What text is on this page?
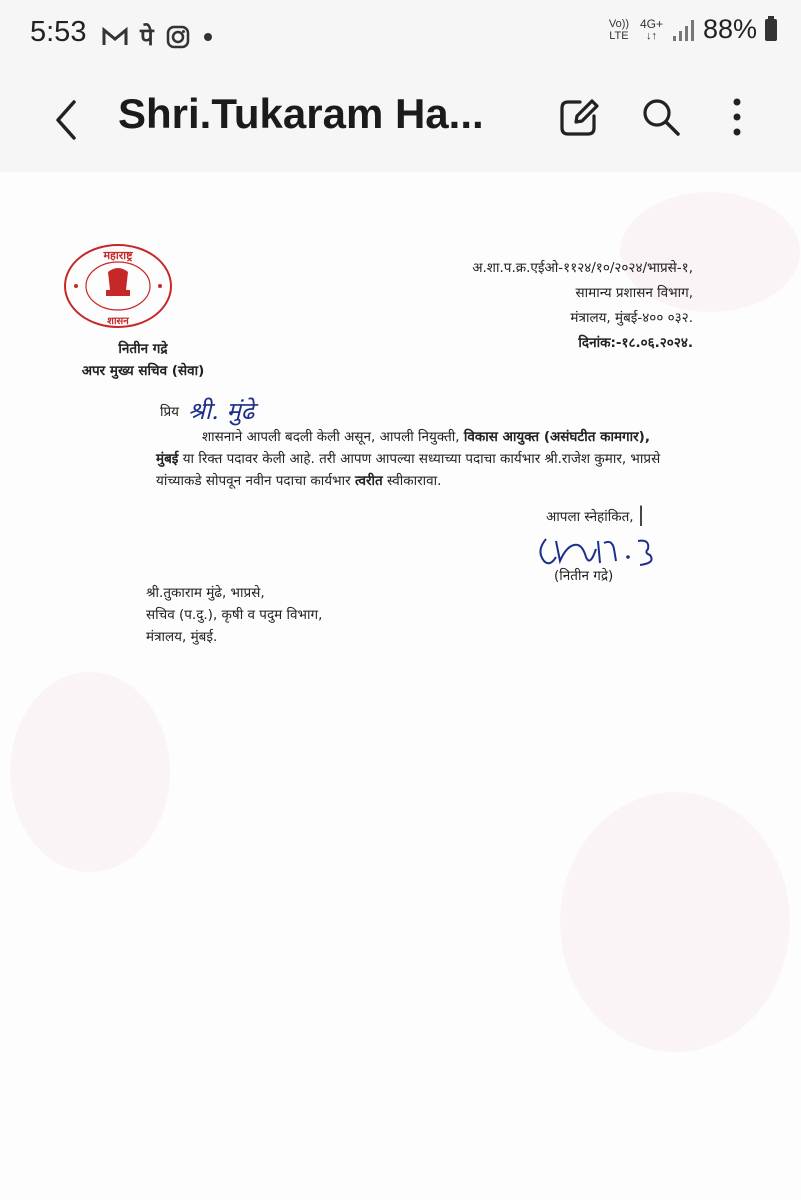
5:53 पे
Vo)) LTE
4G+
↓↑ 88%
Shri.Tukaram Ha...
महाराष्ट्र
शासन
अ.शा.प.क्र.एईओ-११२४/१०/२०२४/भाप्रसे-१,
सामान्य प्रशासन विभाग,
मंत्रालय, मुंबई-४०० ०३२.
दिनांक:-१८.०६.२०२४.
नितीन गद्रे
अपर मुख्य सचिव (सेवा)
प्रिय श्री. मुंढे
शासनाने आपली बदली केली असून, आपली नियुक्ती, विकास आयुक्त (असंघटीत कामगार),
मुंबई या रिक्त पदावर केली आहे. तरी आपण आपल्या सध्याच्या पदाचा कार्यभार श्री.राजेश कुमार, भाप्रसे
यांच्याकडे सोपवून नवीन पदाचा कार्यभार त्वरीत स्वीकारावा.
आपला स्नेहांकित, |
(नितीन गद्रे)
श्री.तुकाराम मुंढे, भाप्रसे,
सचिव (प.दु.), कृषी व पदुम विभाग,
मंत्रालय, मुंबई.
